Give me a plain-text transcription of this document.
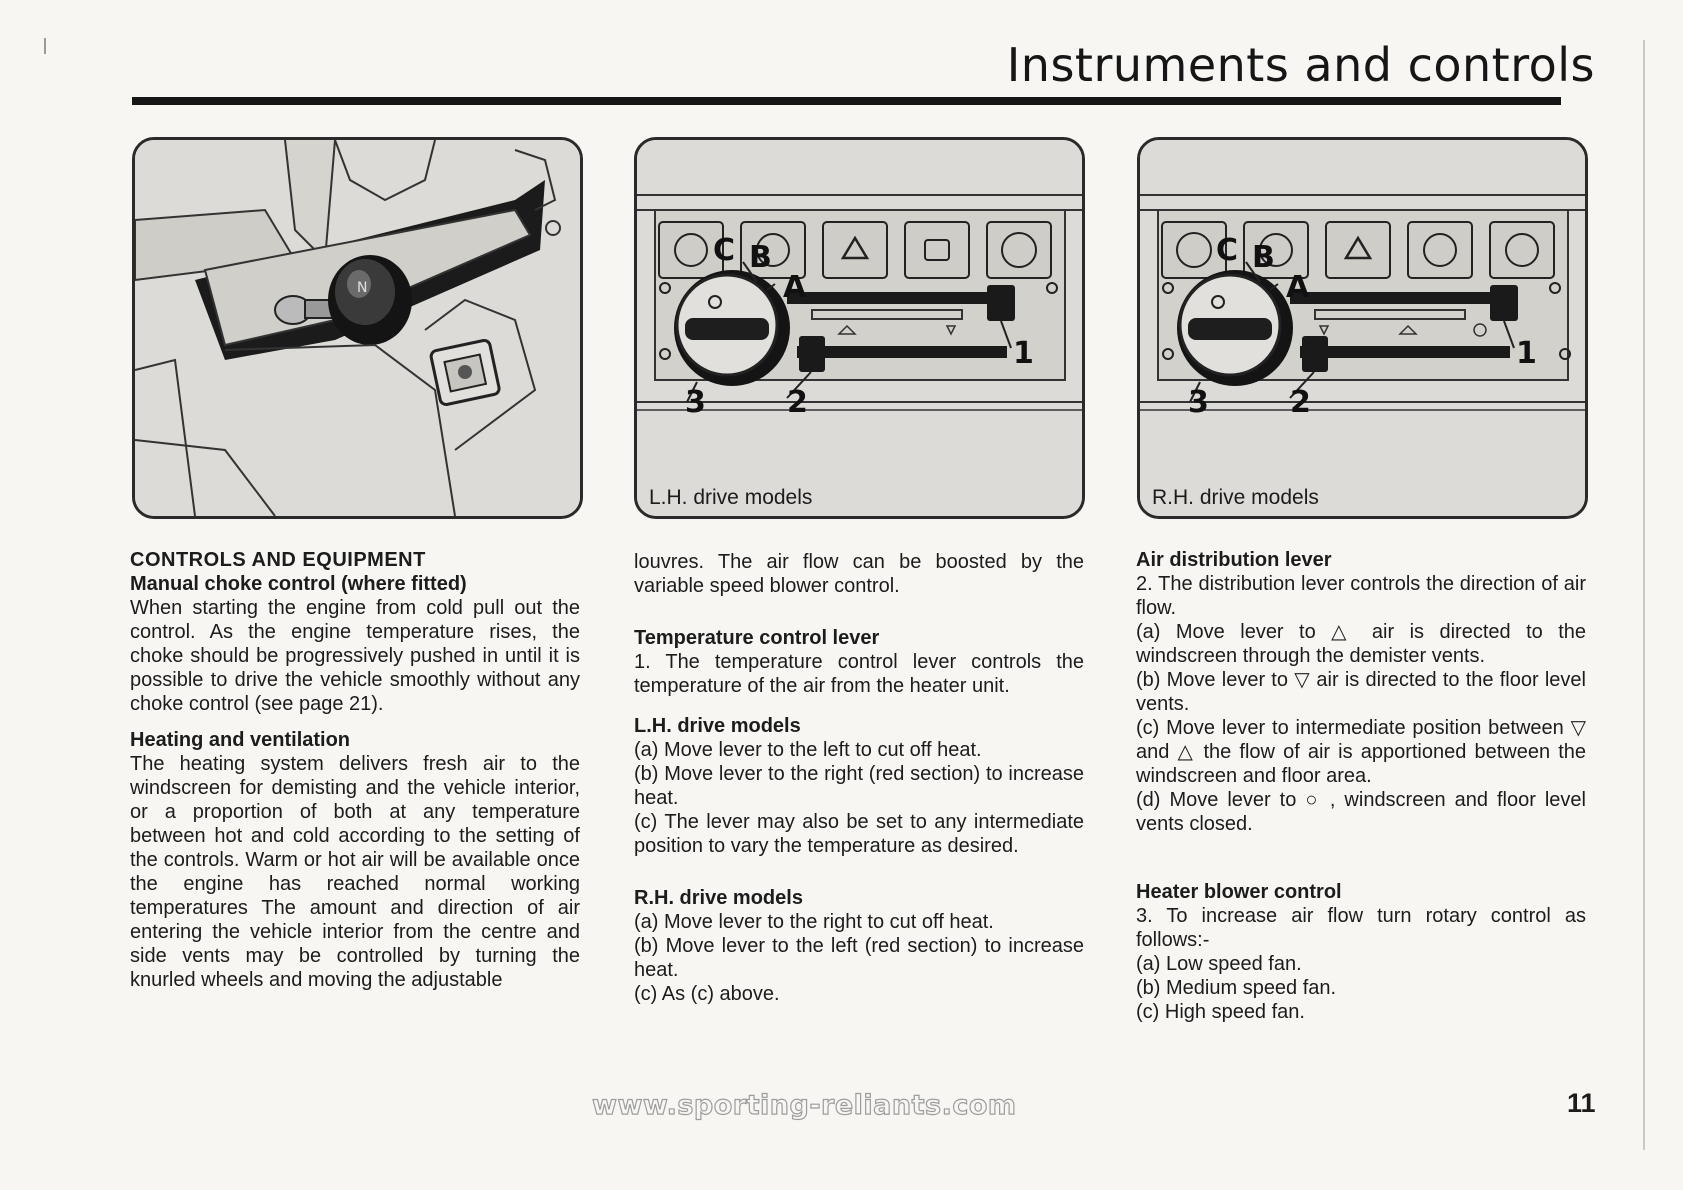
Instruments and controls
N
C B
A
1
2
3
L.H. drive models
C B
A
1
2
3
R.H. drive models
CONTROLS AND EQUIPMENT
Manual choke control (where fitted)

When starting the engine from cold pull out the control. As the engine temperature rises, the choke should be progressively pushed in until it is possible to drive the vehicle smoothly without any choke control (see page 21).

Heating and ventilation

The heating system delivers fresh air to the windscreen for demisting and the vehicle interior, or a proportion of both at any temperature between hot and cold according to the setting of the controls. Warm or hot air will be available once the engine has reached normal working temperatures The amount and direction of air entering the vehicle interior from the centre and side vents may be controlled by turning the knurled wheels and moving the adjustable

louvres. The air flow can be boosted by the variable speed blower control.

Temperature control lever

1. The temperature control lever controls the temperature of the air from the heater unit.

L.H. drive models
(a) Move lever to the left to cut off heat.
(b) Move lever to the right (red section) to increase heat.
(c) The lever may also be set to any intermediate position to vary the temperature as desired.
R.H. drive models
(a) Move lever to the right to cut off heat.
(b) Move lever to the left (red section) to increase heat.
(c) As (c) above.
Air distribution lever
2. The distribution lever controls the direction of air flow.
(a) Move lever to △ air is directed to the windscreen through the demister vents.
(b) Move lever to ▽ air is directed to the floor level vents.
(c) Move lever to intermediate position between ▽ and △ the flow of air is apportioned between the windscreen and floor area.
(d) Move lever to ○ , windscreen and floor level vents closed.
Heater blower control
3. To increase air flow turn rotary control as follows:-
(a) Low speed fan.
(b) Medium speed fan.
(c) High speed fan.
www.sporting-reliants.com	11
